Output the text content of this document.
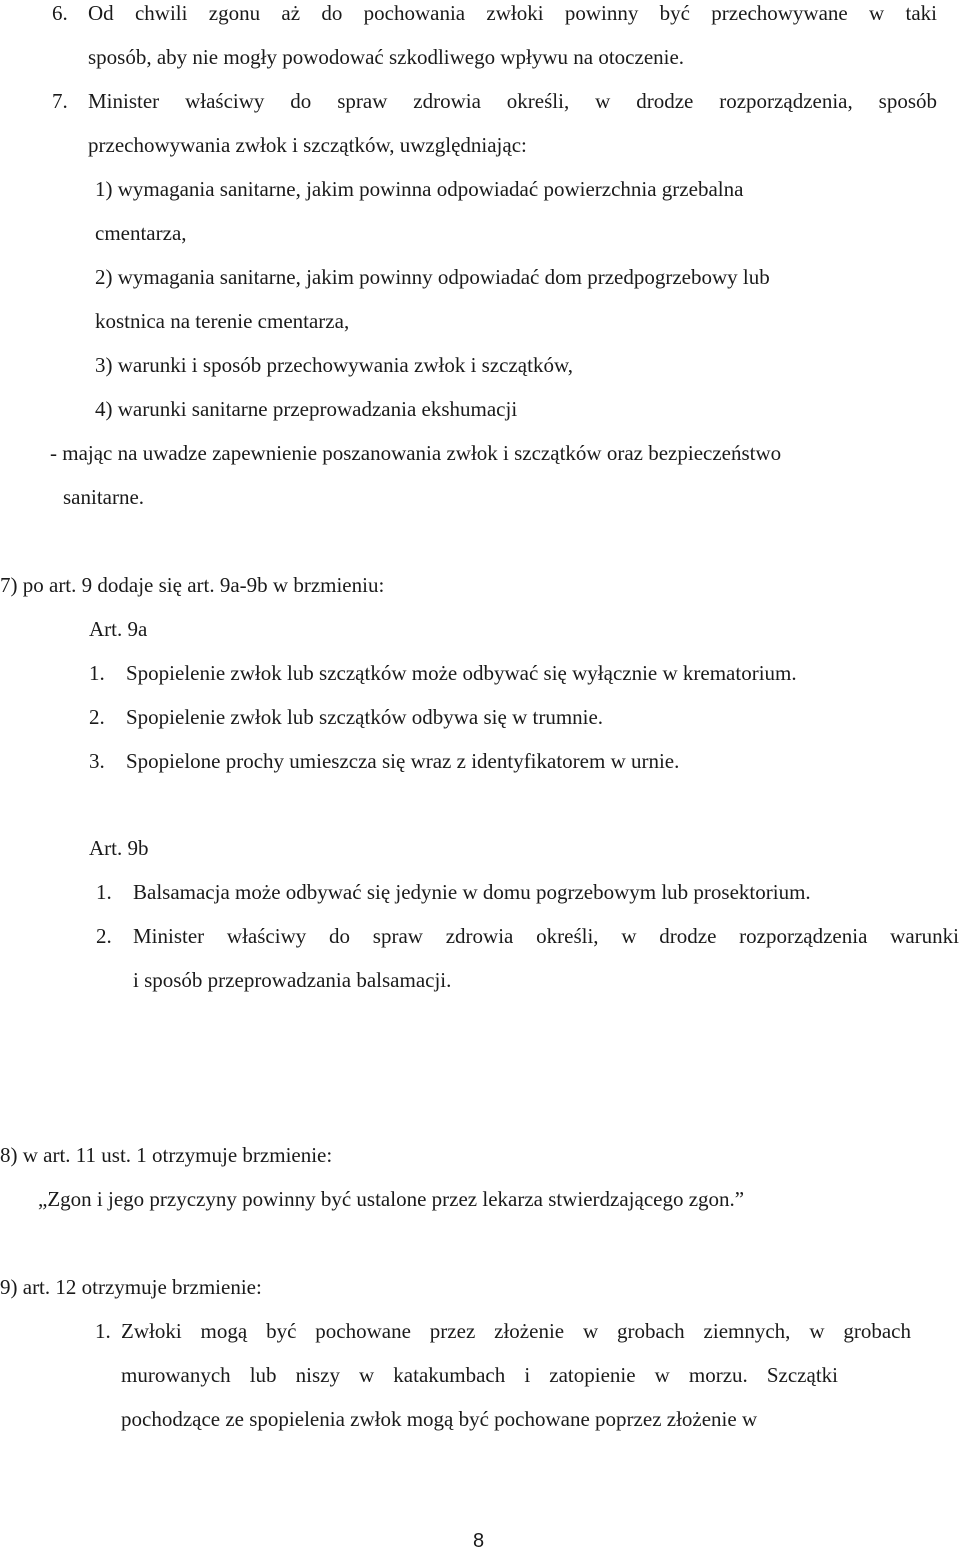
6. Od chwili zgonu aż do pochowania zwłoki powinny być przechowywane w taki
sposób, aby nie mogły powodować szkodliwego wpływu na otoczenie.
7. Minister właściwy do spraw zdrowia określi, w drodze rozporządzenia, sposób
przechowywania zwłok i szczątków, uwzględniając:
1) wymagania sanitarne, jakim powinna odpowiadać powierzchnia grzebalna
cmentarza,
2) wymagania sanitarne, jakim powinny odpowiadać dom przedpogrzebowy lub
kostnica na terenie cmentarza,
3) warunki i sposób przechowywania zwłok i szczątków,
4) warunki sanitarne przeprowadzania ekshumacji
- mając na uwadze zapewnienie poszanowania zwłok i szczątków oraz bezpieczeństwo
sanitarne.
7) po art. 9 dodaje się art. 9a-9b w brzmieniu:
Art. 9a
1. Spopielenie zwłok lub szczątków może odbywać się wyłącznie w krematorium.
2. Spopielenie zwłok lub szczątków odbywa się w trumnie.
3. Spopielone prochy umieszcza się wraz z identyfikatorem w urnie.
Art. 9b
1. Balsamacja może odbywać się jedynie w domu pogrzebowym lub prosektorium.
2. Minister właściwy do spraw zdrowia określi, w drodze rozporządzenia warunki
i sposób przeprowadzania balsamacji.
8) w art. 11 ust. 1 otrzymuje brzmienie:
„Zgon i jego przyczyny powinny być ustalone przez lekarza stwierdzającego zgon.”
9) art. 12 otrzymuje brzmienie:
1. Zwłoki mogą być pochowane przez złożenie w grobach ziemnych, w grobach
murowanych lub niszy w katakumbach i zatopienie w morzu. Szczątki
pochodzące ze spopielenia zwłok mogą być pochowane poprzez złożenie w
8
